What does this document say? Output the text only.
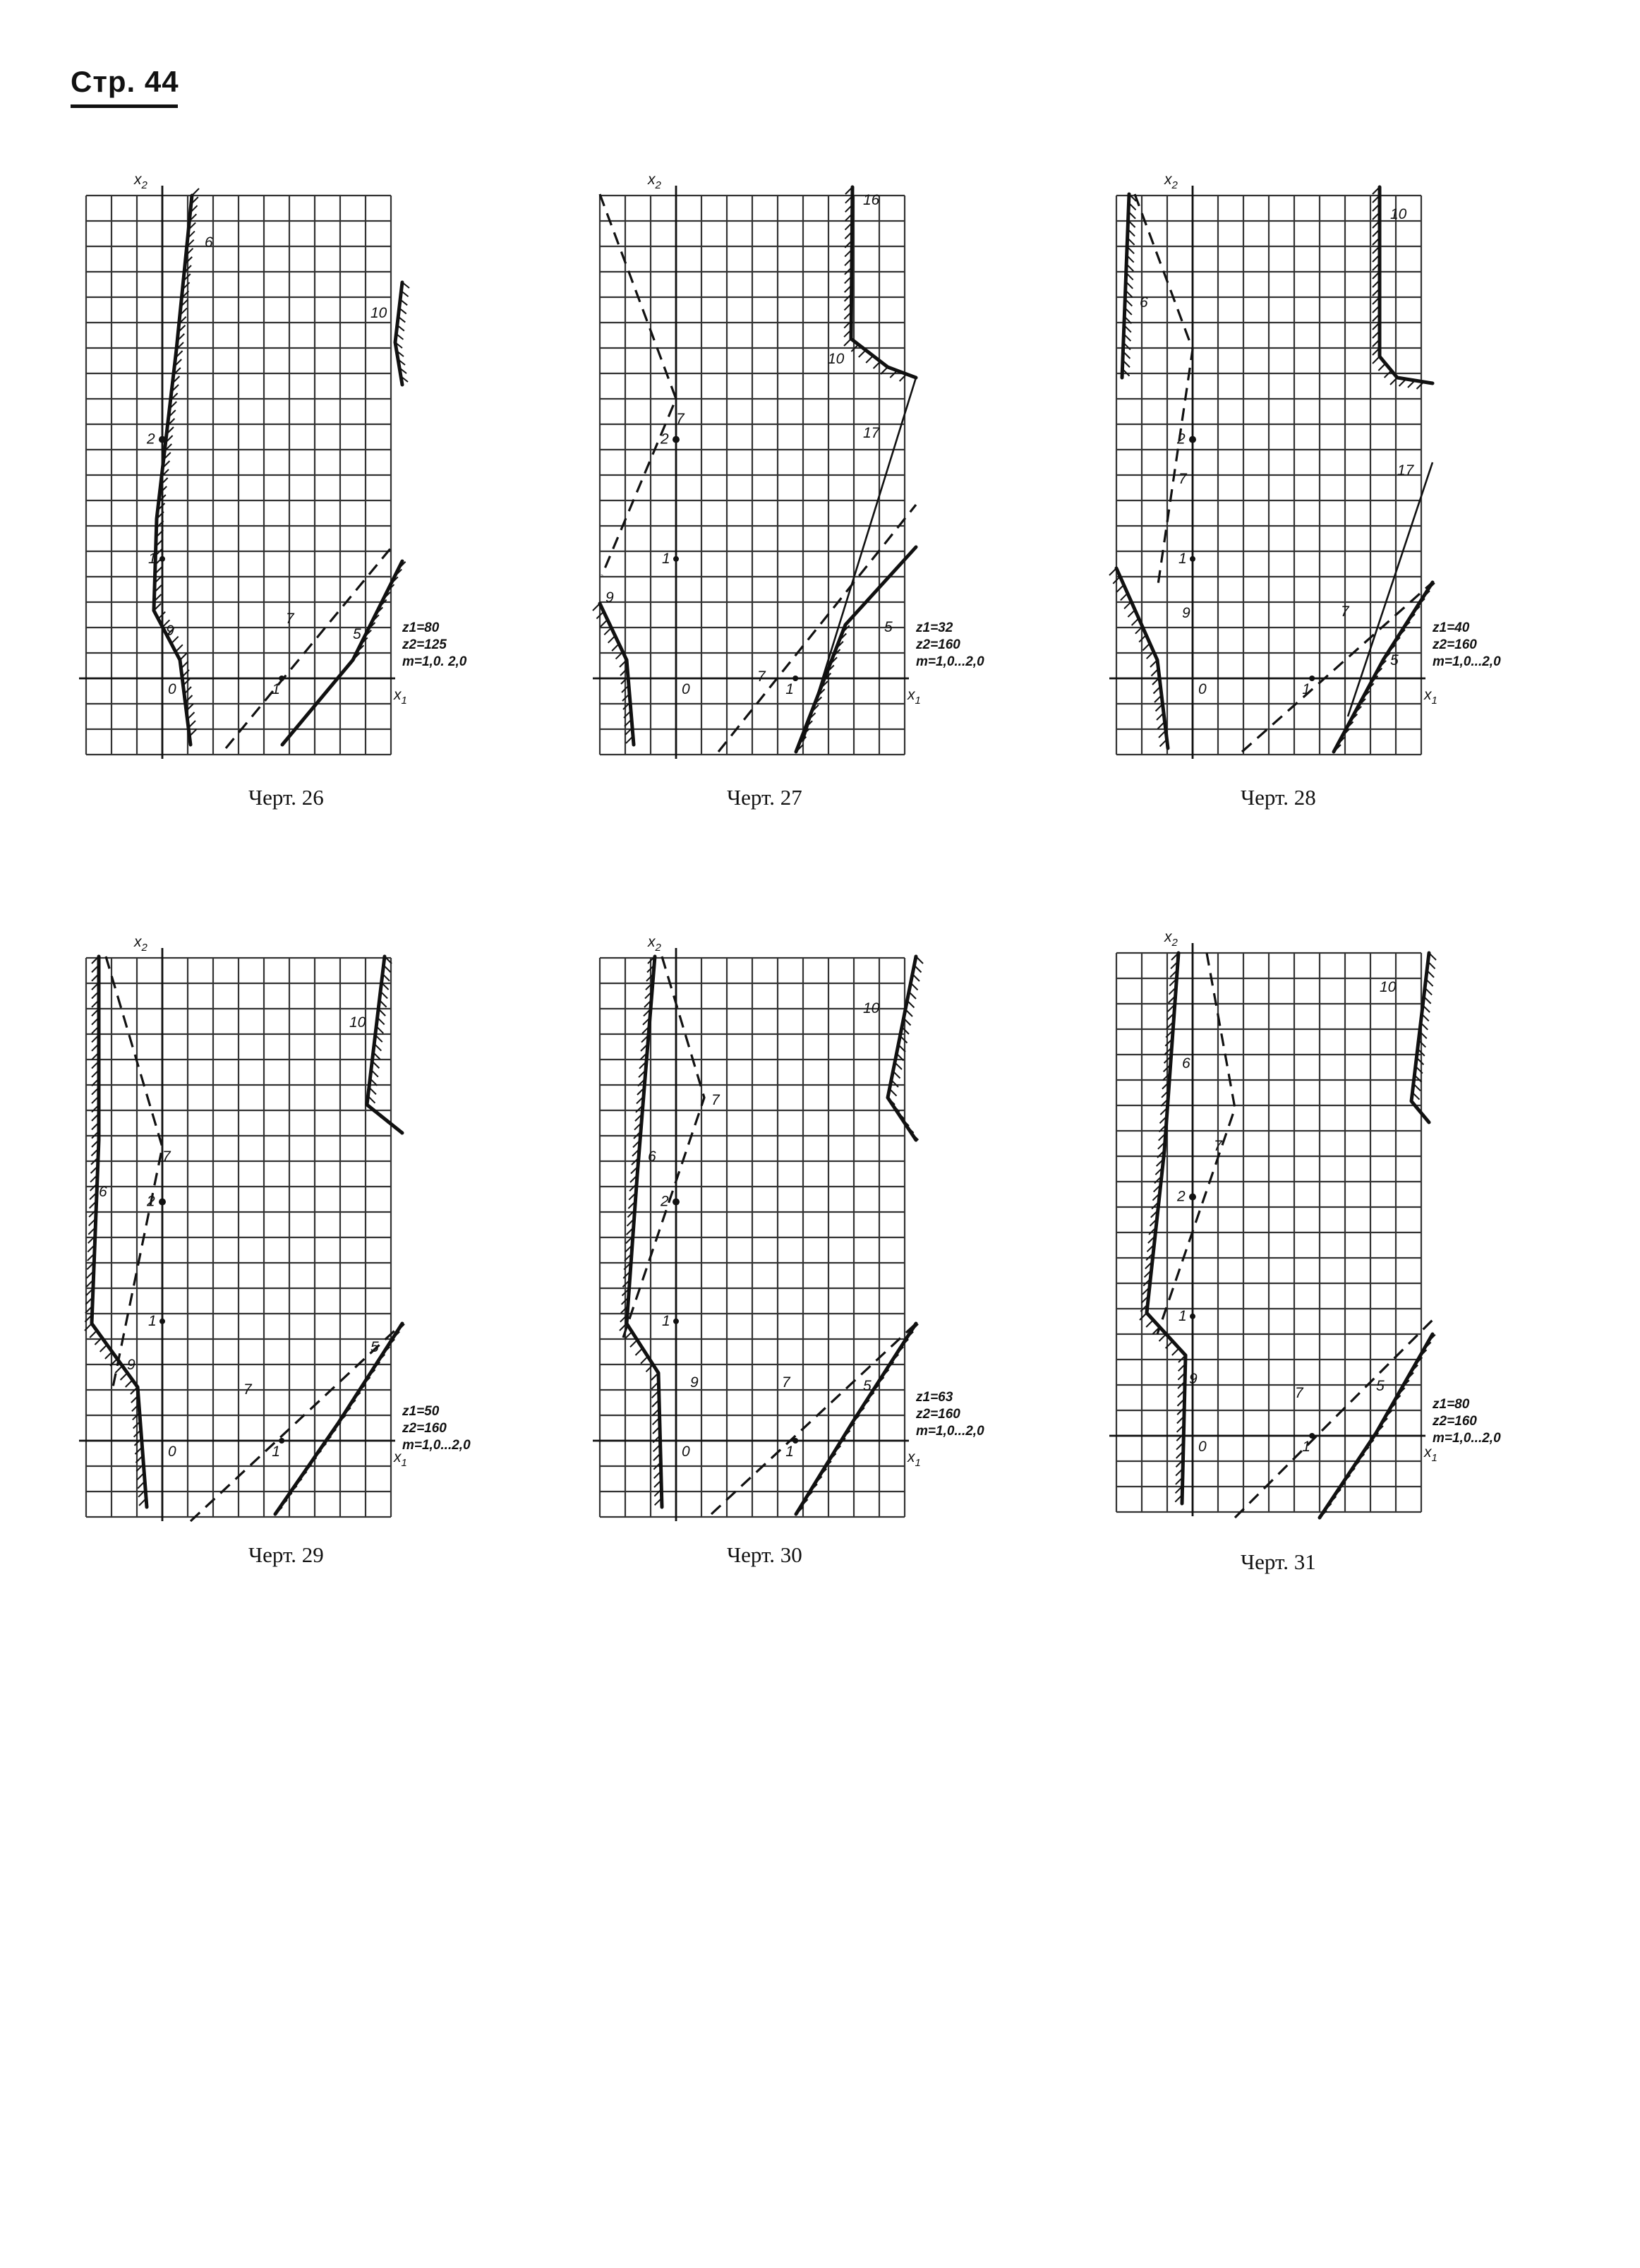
Стр. 44
$x_2$
$x_1$
0	1
1
2
6
10
9
7
5	z1=80
z2=125
m=1,0. 2,0
Черт. 26
$x_2$
$x_1$
0	1
1
2
16
10
7
17
9
7
5 z1=32
z2=160
m=1,0...2,0
Черт. 27
$x_2$
$x_1$
0	1
1
2
6
10
7
17
9	7
5
z1=40
z2=160
m=1,0...2,0
Черт. 28
$x_2$
$x_1$
0	1
1
2
10
7
6
9
5
7
z1=50
z2=160
m=1,0...2,0
Черт. 29
$x_2$
$x_1$
0	1
1
2
10
7
6
9	7	5
z1=63
z2=160
m=1,0...2,0
Черт. 30
$x_2$
$x_1$
0	1
1
2
10
6
7
9
7	5
z1=80
z2=160
m=1,0...2,0
Черт. 31
